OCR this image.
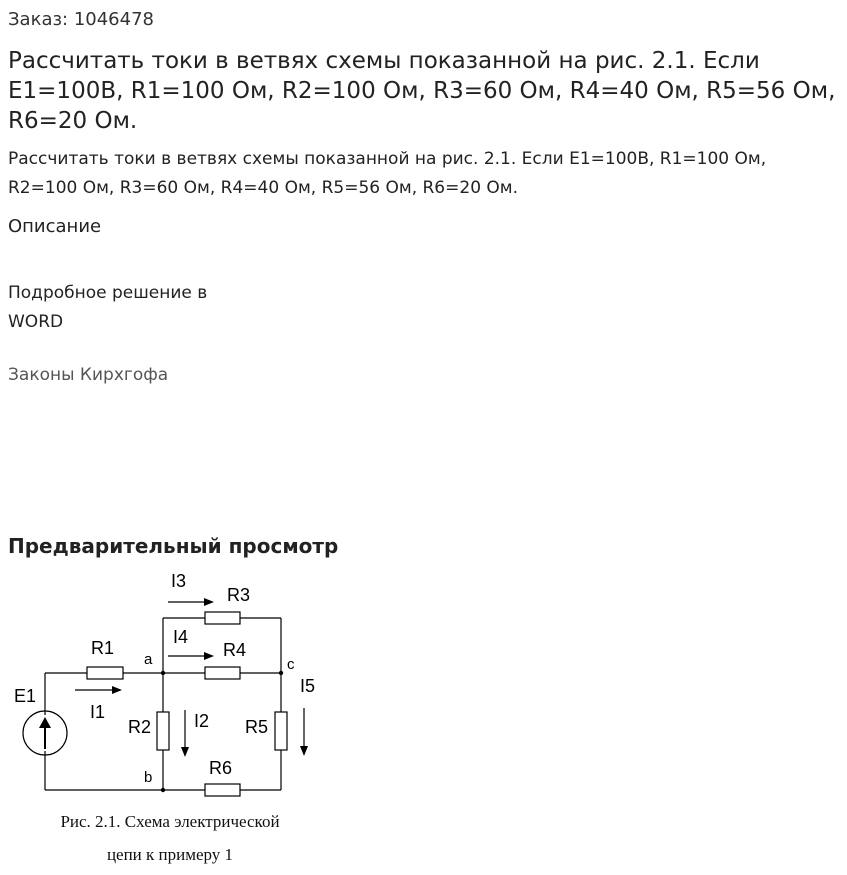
Заказ: 1046478
Рассчитать токи в ветвях схемы показанной на рис. 2.1. Если E1=100В, R1=100 Ом, R2=100 Ом, R3=60 Ом, R4=40 Ом, R5=56 Ом, R6=20 Ом.
Рассчитать токи в ветвях схемы показанной на рис. 2.1. Если E1=100В, R1=100 Ом, R2=100 Ом, R3=60 Ом, R4=40 Ом, R5=56 Ом, R6=20 Ом.
Описание
Подробное решение в WORD
Законы Кирхгофа
Предварительный просмотр
I3
R3
I4
R4
R1
a	c
E1
I1
R2 I2 R5
I5
R6
b
Рис. 2.1. Схема электрической
цепи к примеру 1
